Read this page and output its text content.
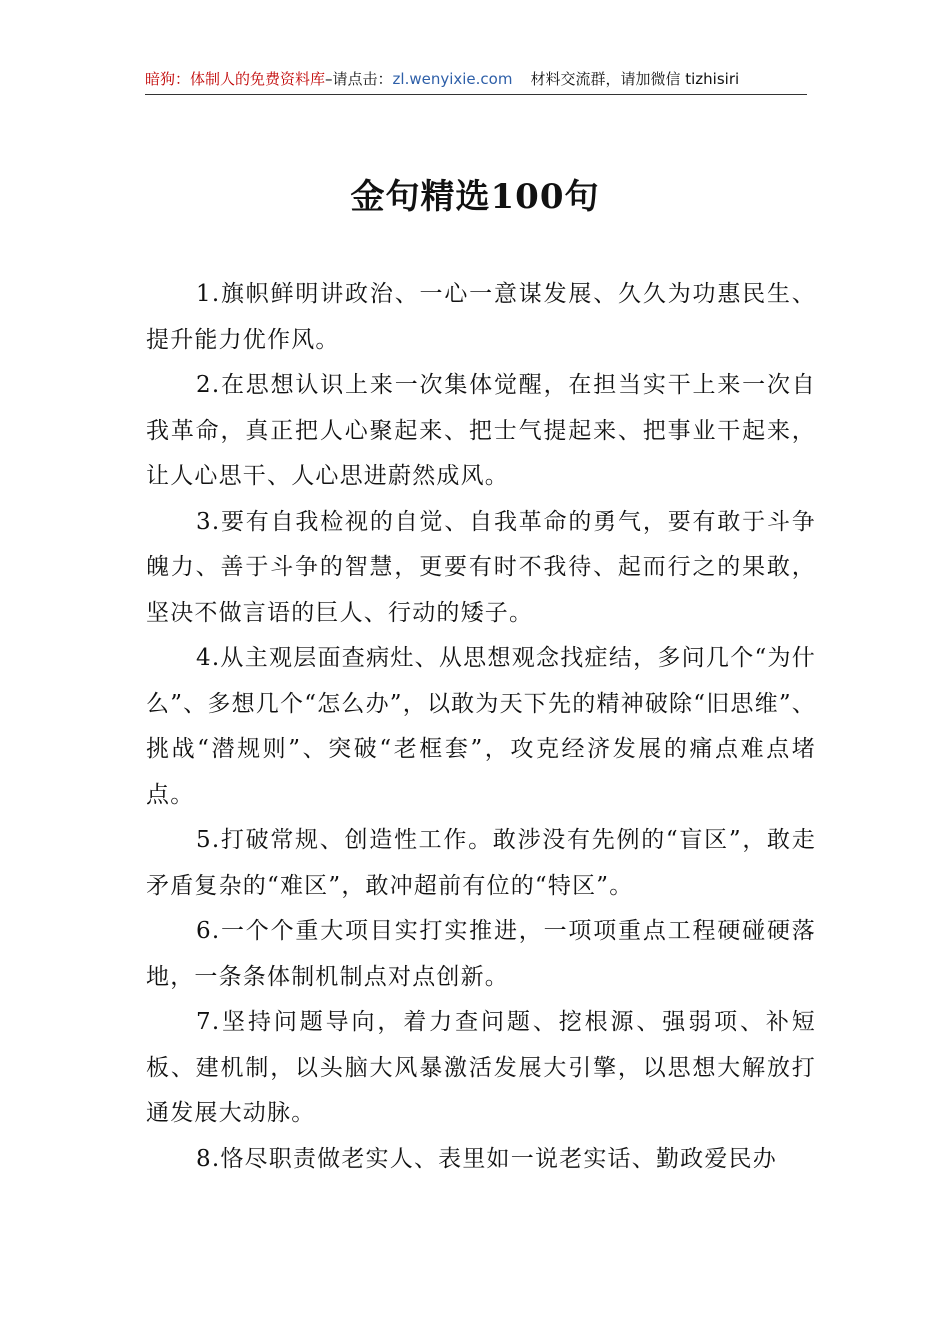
暗狗：体制人的免费资料库–请点击：zl.wenyixie.com 材料交流群，请加微信 tizhisiri
金句精选100句

1.旗帜鲜明讲政治、一心一意谋发展、久久为功惠民生、提升能力优作风。

2.在思想认识上来一次集体觉醒，在担当实干上来一次自我革命，真正把人心聚起来、把士气提起来、把事业干起来，让人心思干、人心思进蔚然成风。

3.要有自我检视的自觉、自我革命的勇气，要有敢于斗争魄力、善于斗争的智慧，更要有时不我待、起而行之的果敢，坚决不做言语的巨人、行动的矮子。

4.从主观层面查病灶、从思想观念找症结，多问几个“为什么”、多想几个“怎么办”，以敢为天下先的精神破除“旧思维”、挑战“潜规则”、突破“老框套”，攻克经济发展的痛点难点堵点。

5.打破常规、创造性工作。敢涉没有先例的“盲区”，敢走矛盾复杂的“难区”，敢冲超前有位的“特区”。

6.一个个重大项目实打实推进，一项项重点工程硬碰硬落地，一条条体制机制点对点创新。

7.坚持问题导向，着力查问题、挖根源、强弱项、补短板、建机制，以头脑大风暴激活发展大引擎，以思想大解放打通发展大动脉。

8.恪尽职责做老实人、表里如一说老实话、勤政爱民办
